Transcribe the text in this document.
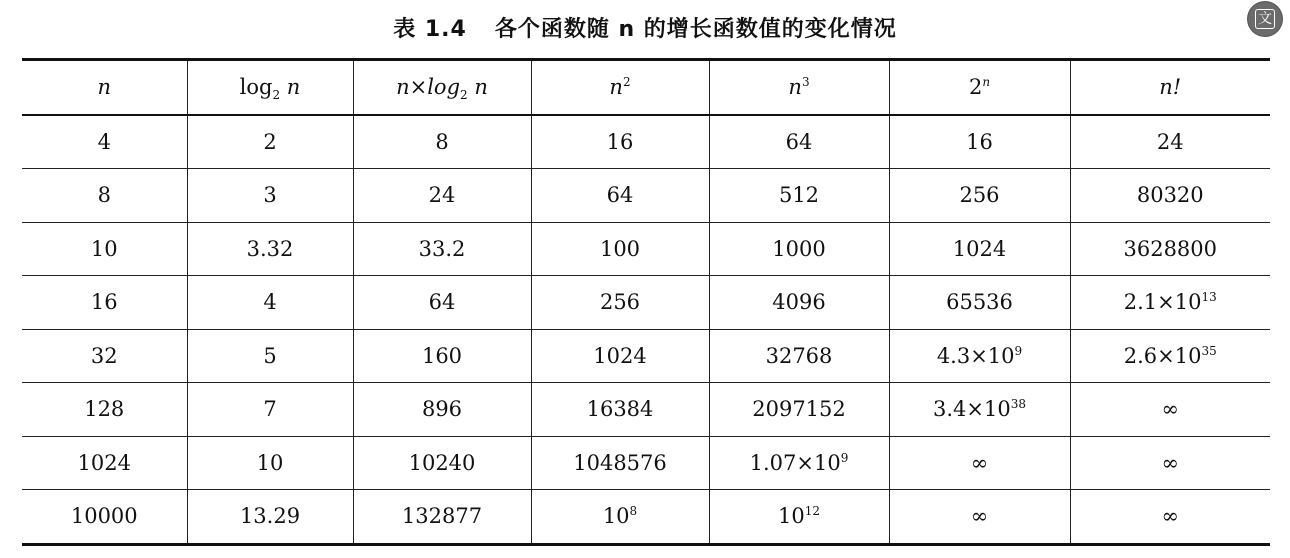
表 1.4 各个函数随 n 的增长函数值的变化情况	文
n	$\log_2 n$	$n\times\log_2$ n	$n^2$	$n^3$	2$^n$	n!
4	2	8	16	64	16	24
8	3	24	64	512	256	80320
10	3.32	33.2	100	1000	1024	3628800
16	4	64	256	4096	65536	$2.1\times 10^{13}$
32	5	160	1024	32768	$4.3\times 10^9$	$2.6\times 10^{35}$
128	7	896	16384	2097152	$3.4\times 10^{38}$	∞
1024	10	10240	1048576	$1.07\times 10^9$	∞	∞
10000	13.29	132877	$10^8$	$10^{12}$	∞	∞
